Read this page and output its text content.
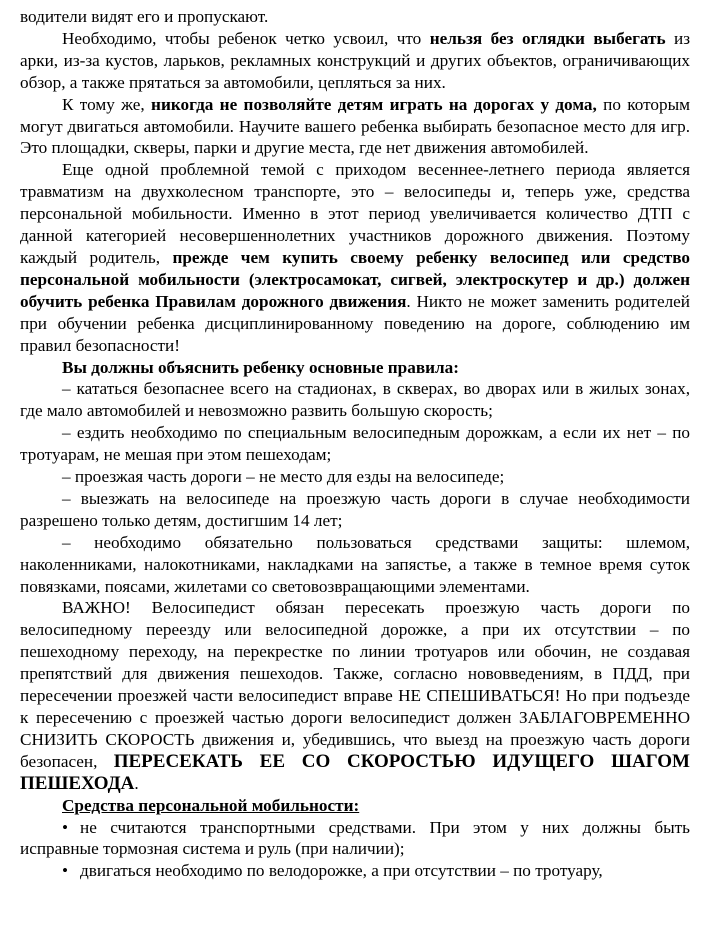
водители видят его и пропускают.

Необходимо, чтобы ребенок четко усвоил, что нельзя без оглядки выбегать из арки, из-за кустов, ларьков, рекламных конструкций и других объектов, ограничивающих обзор, а также прятаться за автомобили, цепляться за них.

К тому же, никогда не позволяйте детям играть на дорогах у дома, по которым могут двигаться автомобили. Научите вашего ребенка выбирать безопасное место для игр. Это площадки, скверы, парки и другие места, где нет движения автомобилей.

Еще одной проблемной темой с приходом весеннее-летнего периода является травматизм на двухколесном транспорте, это – велосипеды и, теперь уже, средства персональной мобильности. Именно в этот период увеличивается количество ДТП с данной категорией несовершеннолетних участников дорожного движения. Поэтому каждый родитель, прежде чем купить своему ребенку велосипед или средство персональной мобильности (электросамокат, сигвей, электроскутер и др.) должен обучить ребенка Правилам дорожного движения. Никто не может заменить родителей при обучении ребенка дисциплинированному поведению на дороге, соблюдению им правил безопасности!

Вы должны объяснить ребенку основные правила:

– кататься безопаснее всего на стадионах, в скверах, во дворах или в жилых зонах, где мало автомобилей и невозможно развить большую скорость;

– ездить необходимо по специальным велосипедным дорожкам, а если их нет – по тротуарам, не мешая при этом пешеходам;

– проезжая часть дороги – не место для езды на велосипеде;

– выезжать на велосипеде на проезжую часть дороги в случае необходимости разрешено только детям, достигшим 14 лет;

– необходимо обязательно пользоваться средствами защиты: шлемом, наколенниками, налокотниками, накладками на запястье, а также в темное время суток повязками, поясами, жилетами со световозвращающими элементами.

ВАЖНО! Велосипедист обязан пересекать проезжую часть дороги по велосипедному переезду или велосипедной дорожке, а при их отсутствии – по пешеходному переходу, на перекрестке по линии тротуаров или обочин, не создавая препятствий для движения пешеходов. Также, согласно нововведениям, в ПДД, при пересечении проезжей части велосипедист вправе НЕ СПЕШИВАТЬСЯ! Но при подъезде к пересечению с проезжей частью дороги велосипедист должен ЗАБЛАГОВРЕМЕННО СНИЗИТЬ СКОРОСТЬ движения и, убедившись, что выезд на проезжую часть дороги безопасен, ПЕРЕСЕКАТЬ ЕЕ СО СКОРОСТЬЮ ИДУЩЕГО ШАГОМ ПЕШЕХОДА.

Средства персональной мобильности:

• не считаются транспортными средствами. При этом у них должны быть исправные тормозная система и руль (при наличии);
• двигаться необходимо по велодорожке, а при отсутствии – по тротуару,
